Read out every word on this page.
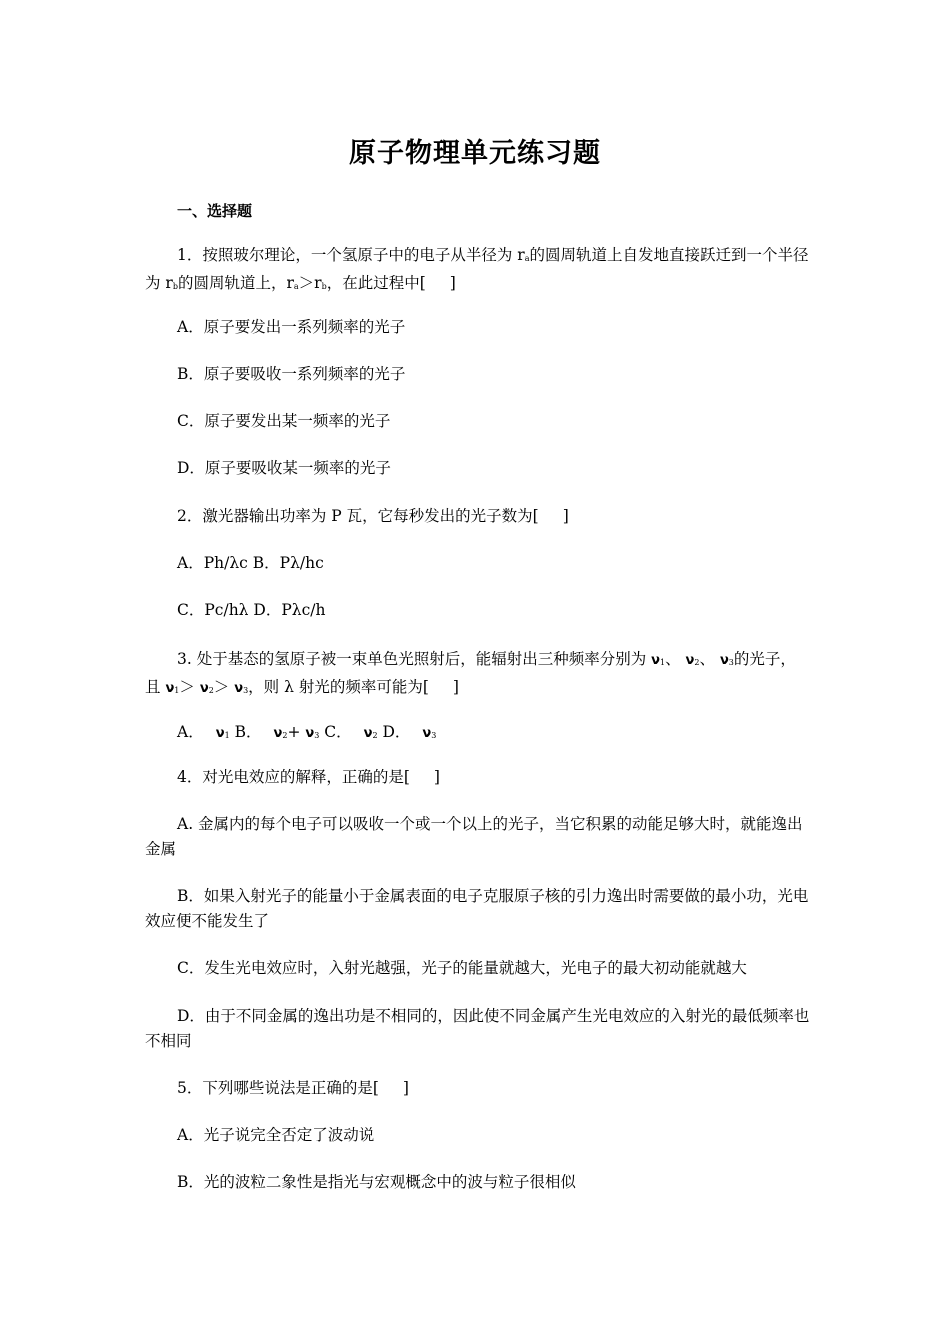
原子物理单元练习题
一、选择题
1．按照玻尔理论，一个氢原子中的电子从半径为 $r_a$的圆周轨道上自发地直接跃迁到一个半径为 $r_b$的圆周轨道上，$r_a>r_b$，在此过程中[ ]
A．原子要发出一系列频率的光子
B．原子要吸收一系列频率的光子
C．原子要发出某一频率的光子
D．原子要吸收某一频率的光子
2．激光器输出功率为 P 瓦，它每秒发出的光子数为[ ]
A．Ph/λc B．Pλ/hc
C．Pc/hλ D．Pλc/h
3. 处于基态的氢原子被一束单色光照射后，能辐射出三种频率分别为 $\nu_1$、 $\nu_2$、 $\nu_3$的光子，且 $\nu_1> \nu_2> \nu_3$，则 λ 射光的频率可能为[ ]
A． $\nu_1$ B． $\nu_2+ \nu_3$ C． $\nu_2$ D． $\nu_3$
4．对光电效应的解释，正确的是[ ]
A. 金属内的每个电子可以吸收一个或一个以上的光子，当它积累的动能足够大时，就能逸出金属
B．如果入射光子的能量小于金属表面的电子克服原子核的引力逸出时需要做的最小功，光电效应便不能发生了
C．发生光电效应时，入射光越强，光子的能量就越大，光电子的最大初动能就越大
D．由于不同金属的逸出功是不相同的，因此使不同金属产生光电效应的入射光的最低频率也不相同
5．下列哪些说法是正确的是[ ]
A．光子说完全否定了波动说
B．光的波粒二象性是指光与宏观概念中的波与粒子很相似
